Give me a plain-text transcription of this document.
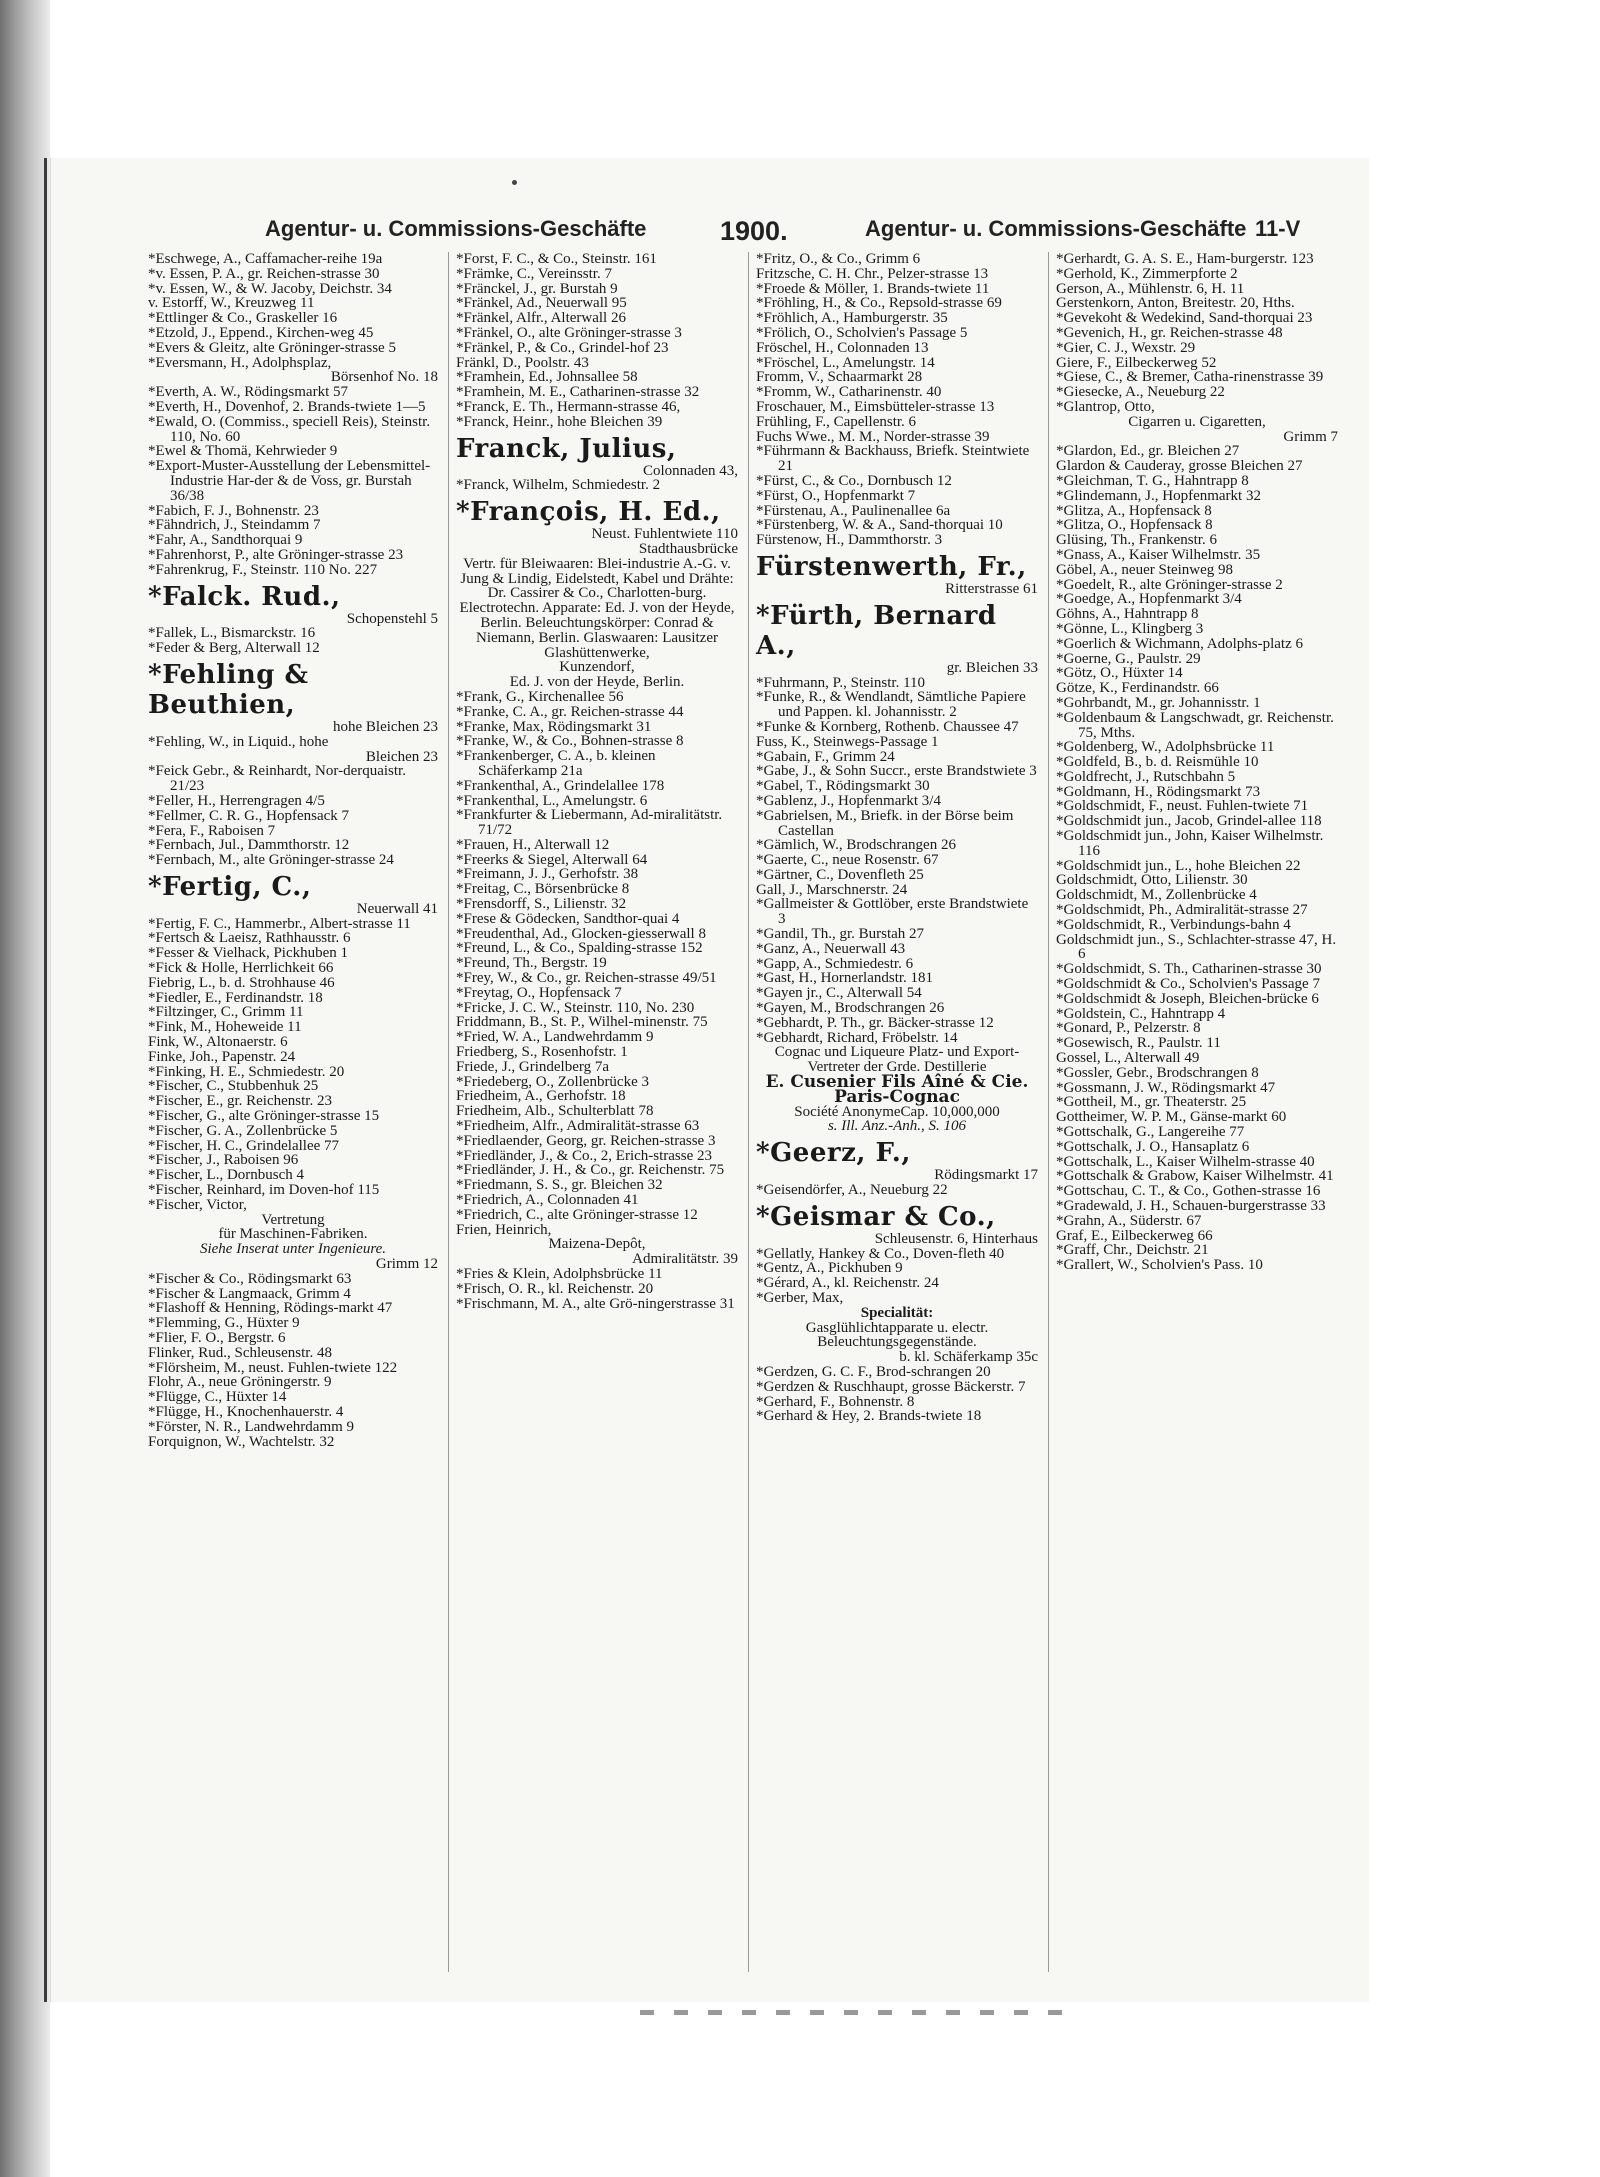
Agentur- u. Commissions-Geschäfte	1900.	Agentur- u. Commissions-Geschäfte 11-V

*Eschwege, A., Caffamacher-reihe 19a

*v. Essen, P. A., gr. Reichen-strasse 30

*v. Essen, W., & W. Jacoby, Deichstr. 34

v. Estorff, W., Kreuzweg 11

*Ettlinger & Co., Graskeller 16

*Etzold, J., Eppend., Kirchen-weg 45

*Evers & Gleitz, alte Gröninger-strasse 5

*Eversmann, H., Adolphsplaz,

Börsenhof No. 18

*Everth, A. W., Rödingsmarkt 57

*Everth, H., Dovenhof, 2. Brands-twiete 1—5

*Ewald, O. (Commiss., speciell Reis), Steinstr. 110, No. 60

*Ewel & Thomä, Kehrwieder 9

*Export-Muster-Ausstellung der Lebensmittel-Industrie Har-der & de Voss, gr. Burstah 36/38

*Fabich, F. J., Bohnenstr. 23

*Fähndrich, J., Steindamm 7

*Fahr, A., Sandthorquai 9

*Fahrenhorst, P., alte Gröninger-strasse 23

*Fahrenkrug, F., Steinstr. 110 No. 227

*Falck. Rud.,

Schopenstehl 5

*Fallek, L., Bismarckstr. 16

*Feder & Berg, Alterwall 12

*Fehling & Beuthien,

hohe Bleichen 23

*Fehling, W., in Liquid., hohe

Bleichen 23

*Feick Gebr., & Reinhardt, Nor-derquaistr. 21/23

*Feller, H., Herrengragen 4/5

*Fellmer, C. R. G., Hopfensack 7

*Fera, F., Raboisen 7

*Fernbach, Jul., Dammthorstr. 12

*Fernbach, M., alte Gröninger-strasse 24

*Fertig, C.,

Neuerwall 41

*Fertig, F. C., Hammerbr., Albert-strasse 11

*Fertsch & Laeisz, Rathhausstr. 6

*Fesser & Vielhack, Pickhuben 1

*Fick & Holle, Herrlichkeit 66

Fiebrig, L., b. d. Strohhause 46

*Fiedler, E., Ferdinandstr. 18

*Filtzinger, C., Grimm 11

*Fink, M., Hoheweide 11

Fink, W., Altonaerstr. 6

Finke, Joh., Papenstr. 24

*Finking, H. E., Schmiedestr. 20

*Fischer, C., Stubbenhuk 25

*Fischer, E., gr. Reichenstr. 23

*Fischer, G., alte Gröninger-strasse 15

*Fischer, G. A., Zollenbrücke 5

*Fischer, H. C., Grindelallee 77

*Fischer, J., Raboisen 96

*Fischer, L., Dornbusch 4

*Fischer, Reinhard, im Doven-hof 115

*Fischer, Victor,

Vertretung

für Maschinen-Fabriken.

Siehe Inserat unter Ingenieure.

Grimm 12

*Fischer & Co., Rödingsmarkt 63

*Fischer & Langmaack, Grimm 4

*Flashoff & Henning, Rödings-markt 47

*Flemming, G., Hüxter 9

*Flier, F. O., Bergstr. 6

Flinker, Rud., Schleusenstr. 48

*Flörsheim, M., neust. Fuhlen-twiete 122

Flohr, A., neue Gröningerstr. 9

*Flügge, C., Hüxter 14

*Flügge, H., Knochenhauerstr. 4

*Förster, N. R., Landwehrdamm 9

Forquignon, W., Wachtelstr. 32

*Forst, F. C., & Co., Steinstr. 161

*Främke, C., Vereinsstr. 7

*Fränckel, J., gr. Burstah 9

*Fränkel, Ad., Neuerwall 95

*Fränkel, Alfr., Alterwall 26

*Fränkel, O., alte Gröninger-strasse 3

*Fränkel, P., & Co., Grindel-hof 23

Fränkl, D., Poolstr. 43

*Framhein, Ed., Johnsallee 58

*Framhein, M. E., Catharinen-strasse 32

*Franck, E. Th., Hermann-strasse 46,

*Franck, Heinr., hohe Bleichen 39

Franck, Julius,

Colonnaden 43,

*Franck, Wilhelm, Schmiedestr. 2

*François, H. Ed.,

Neust. Fuhlentwiete 110

Stadthausbrücke

Vertr. für Bleiwaaren: Blei-industrie A.-G. v. Jung & Lindig, Eidelstedt, Kabel und Drähte: Dr. Cassirer & Co., Charlotten-burg. Electrotechn. Apparate: Ed. J. von der Heyde, Berlin. Beleuchtungskörper: Conrad & Niemann, Berlin. Glaswaaren: Lausitzer Glashüttenwerke,

Kunzendorf,

Ed. J. von der Heyde, Berlin.

*Frank, G., Kirchenallee 56

*Franke, C. A., gr. Reichen-strasse 44

*Franke, Max, Rödingsmarkt 31

*Franke, W., & Co., Bohnen-strasse 8

*Frankenberger, C. A., b. kleinen Schäferkamp 21a

*Frankenthal, A., Grindelallee 178

*Frankenthal, L., Amelungstr. 6

*Frankfurter & Liebermann, Ad-miralitätstr. 71/72

*Frauen, H., Alterwall 12

*Freerks & Siegel, Alterwall 64

*Freimann, J. J., Gerhofstr. 38

*Freitag, C., Börsenbrücke 8

*Frensdorff, S., Lilienstr. 32

*Frese & Gödecken, Sandthor-quai 4

*Freudenthal, Ad., Glocken-giesserwall 8

*Freund, L., & Co., Spalding-strasse 152

*Freund, Th., Bergstr. 19

*Frey, W., & Co., gr. Reichen-strasse 49/51

*Freytag, O., Hopfensack 7

*Fricke, J. C. W., Steinstr. 110, No. 230

Friddmann, B., St. P., Wilhel-minenstr. 75

*Fried, W. A., Landwehrdamm 9

Friedberg, S., Rosenhofstr. 1

Friede, J., Grindelberg 7a

*Friedeberg, O., Zollenbrücke 3

Friedheim, A., Gerhofstr. 18

Friedheim, Alb., Schulterblatt 78

*Friedheim, Alfr., Admiralität-strasse 63

*Friedlaender, Georg, gr. Reichen-strasse 3

*Friedländer, J., & Co., 2, Erich-strasse 23

*Friedländer, J. H., & Co., gr. Reichenstr. 75

*Friedmann, S. S., gr. Bleichen 32

*Friedrich, A., Colonnaden 41

*Friedrich, C., alte Gröninger-strasse 12

Frien, Heinrich,

Maizena-Depôt,

Admiralitätstr. 39

*Fries & Klein, Adolphsbrücke 11

*Frisch, O. R., kl. Reichenstr. 20

*Frischmann, M. A., alte Grö-ningerstrasse 31

*Fritz, O., & Co., Grimm 6

Fritzsche, C. H. Chr., Pelzer-strasse 13

*Froede & Möller, 1. Brands-twiete 11

*Fröhling, H., & Co., Repsold-strasse 69

*Fröhlich, A., Hamburgerstr. 35

*Frölich, O., Scholvien's Passage 5

Fröschel, H., Colonnaden 13

*Fröschel, L., Amelungstr. 14

Fromm, V., Schaarmarkt 28

*Fromm, W., Catharinenstr. 40

Froschauer, M., Eimsbütteler-strasse 13

Frühling, F., Capellenstr. 6

Fuchs Wwe., M. M., Norder-strasse 39

*Führmann & Backhauss, Briefk. Steintwiete 21

*Fürst, C., & Co., Dornbusch 12

*Fürst, O., Hopfenmarkt 7

*Fürstenau, A., Paulinenallee 6a

*Fürstenberg, W. & A., Sand-thorquai 10

Fürstenow, H., Dammthorstr. 3

Fürstenwerth, Fr.,

Ritterstrasse 61

*Fürth, Bernard A.,

gr. Bleichen 33

*Fuhrmann, P., Steinstr. 110

*Funke, R., & Wendlandt, Sämtliche Papiere und Pappen. kl. Johannisstr. 2

*Funke & Kornberg, Rothenb. Chaussee 47

Fuss, K., Steinwegs-Passage 1

*Gabain, F., Grimm 24

*Gabe, J., & Sohn Succr., erste Brandstwiete 3

*Gabel, T., Rödingsmarkt 30

*Gablenz, J., Hopfenmarkt 3/4

*Gabrielsen, M., Briefk. in der Börse beim Castellan

*Gämlich, W., Brodschrangen 26

*Gaerte, C., neue Rosenstr. 67

*Gärtner, C., Dovenfleth 25

Gall, J., Marschnerstr. 24

*Gallmeister & Gottlöber, erste Brandstwiete 3

*Gandil, Th., gr. Burstah 27

*Ganz, A., Neuerwall 43

*Gapp, A., Schmiedestr. 6

*Gast, H., Hornerlandstr. 181

*Gayen jr., C., Alterwall 54

*Gayen, M., Brodschrangen 26

*Gebhardt, P. Th., gr. Bäcker-strasse 12

*Gebhardt, Richard, Fröbelstr. 14

Cognac und Liqueure Platz- und Export-Vertreter der Grde. Destillerie

E. Cusenier Fils Aîné & Cie. Paris-Cognac

Société AnonymeCap. 10,000,000

s. Ill. Anz.-Anh., S. 106

*Geerz, F.,

Rödingsmarkt 17

*Geisendörfer, A., Neueburg 22

*Geismar & Co.,

Schleusenstr. 6, Hinterhaus

*Gellatly, Hankey & Co., Doven-fleth 40

*Gentz, A., Pickhuben 9

*Gérard, A., kl. Reichenstr. 24

*Gerber, Max,

Specialität:

Gasglühlichtapparate u. electr. Beleuchtungsgegenstände.

b. kl. Schäferkamp 35c

*Gerdzen, G. C. F., Brod-schrangen 20

*Gerdzen & Ruschhaupt, grosse Bäckerstr. 7

*Gerhard, F., Bohnenstr. 8

*Gerhard & Hey, 2. Brands-twiete 18

*Gerhardt, G. A. S. E., Ham-burgerstr. 123

*Gerhold, K., Zimmerpforte 2

Gerson, A., Mühlenstr. 6, H. 11

Gerstenkorn, Anton, Breitestr. 20, Hths.

*Gevekoht & Wedekind, Sand-thorquai 23

*Gevenich, H., gr. Reichen-strasse 48

*Gier, C. J., Wexstr. 29

Giere, F., Eilbeckerweg 52

*Giese, C., & Bremer, Catha-rinenstrasse 39

*Giesecke, A., Neueburg 22

*Glantrop, Otto,

Cigarren u. Cigaretten,

Grimm 7

*Glardon, Ed., gr. Bleichen 27

Glardon & Cauderay, grosse Bleichen 27

*Gleichman, T. G., Hahntrapp 8

*Glindemann, J., Hopfenmarkt 32

*Glitza, A., Hopfensack 8

*Glitza, O., Hopfensack 8

Glüsing, Th., Frankenstr. 6

*Gnass, A., Kaiser Wilhelmstr. 35

Göbel, A., neuer Steinweg 98

*Goedelt, R., alte Gröninger-strasse 2

*Goedge, A., Hopfenmarkt 3/4

Göhns, A., Hahntrapp 8

*Gönne, L., Klingberg 3

*Goerlich & Wichmann, Adolphs-platz 6

*Goerne, G., Paulstr. 29

*Götz, O., Hüxter 14

Götze, K., Ferdinandstr. 66

*Gohrbandt, M., gr. Johannisstr. 1

*Goldenbaum & Langschwadt, gr. Reichenstr. 75, Mths.

*Goldenberg, W., Adolphsbrücke 11

*Goldfeld, B., b. d. Reismühle 10

*Goldfrecht, J., Rutschbahn 5

*Goldmann, H., Rödingsmarkt 73

*Goldschmidt, F., neust. Fuhlen-twiete 71

*Goldschmidt jun., Jacob, Grindel-allee 118

*Goldschmidt jun., John, Kaiser Wilhelmstr. 116

*Goldschmidt jun., L., hohe Bleichen 22

Goldschmidt, Otto, Lilienstr. 30

Goldschmidt, M., Zollenbrücke 4

*Goldschmidt, Ph., Admiralität-strasse 27

*Goldschmidt, R., Verbindungs-bahn 4

Goldschmidt jun., S., Schlachter-strasse 47, H. 6

*Goldschmidt, S. Th., Catharinen-strasse 30

*Goldschmidt & Co., Scholvien's Passage 7

*Goldschmidt & Joseph, Bleichen-brücke 6

*Goldstein, C., Hahntrapp 4

*Gonard, P., Pelzerstr. 8

*Gosewisch, R., Paulstr. 11

Gossel, L., Alterwall 49

*Gossler, Gebr., Brodschrangen 8

*Gossmann, J. W., Rödingsmarkt 47

*Gottheil, M., gr. Theaterstr. 25

Gottheimer, W. P. M., Gänse-markt 60

*Gottschalk, G., Langereihe 77

*Gottschalk, J. O., Hansaplatz 6

*Gottschalk, L., Kaiser Wilhelm-strasse 40

*Gottschalk & Grabow, Kaiser Wilhelmstr. 41

*Gottschau, C. T., & Co., Gothen-strasse 16

*Gradewald, J. H., Schauen-burgerstrasse 33

*Grahn, A., Süderstr. 67

Graf, E., Eilbeckerweg 66

*Graff, Chr., Deichstr. 21

*Grallert, W., Scholvien's Pass. 10
